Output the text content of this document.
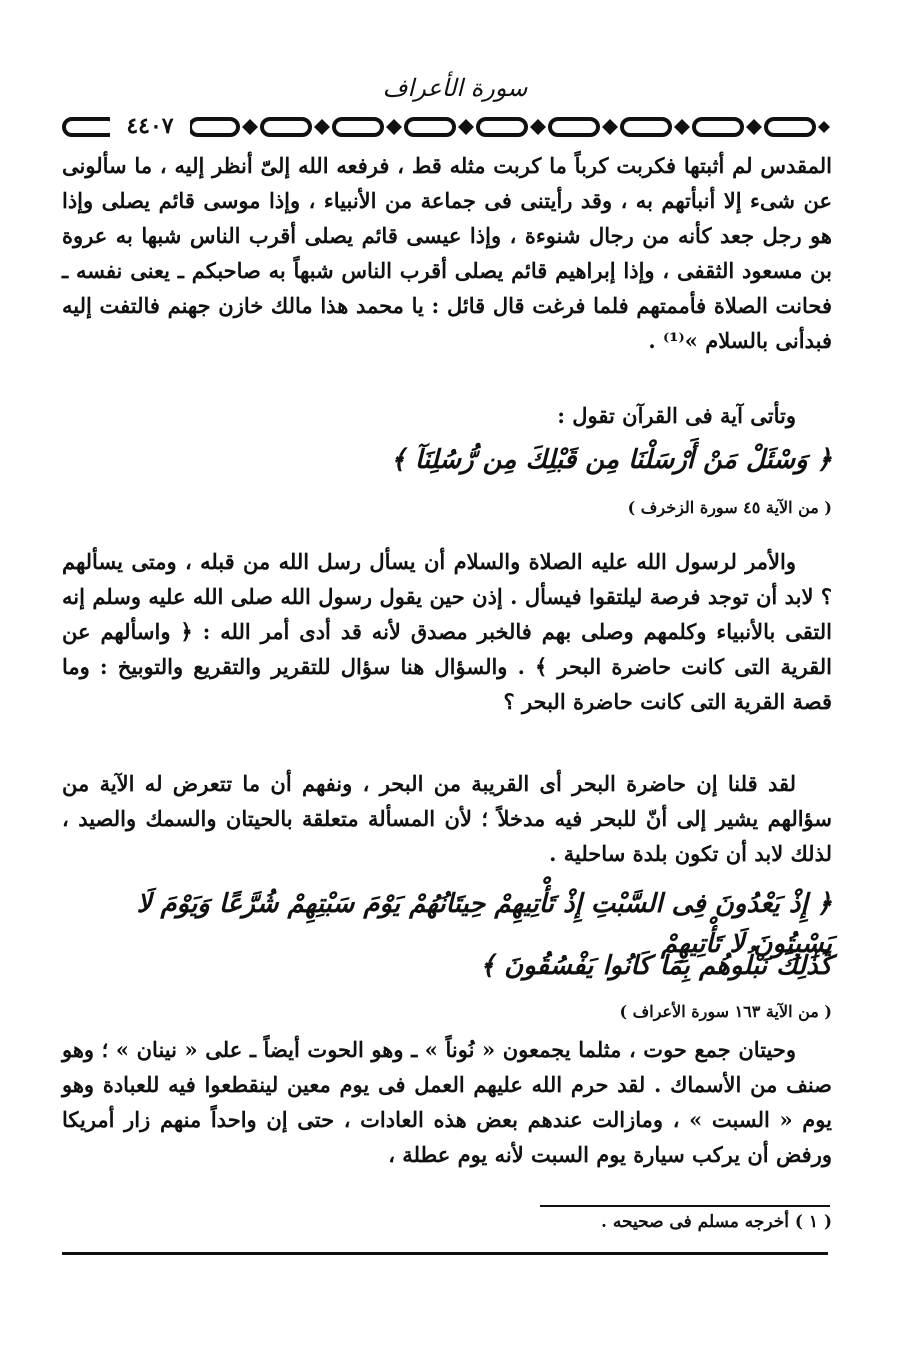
سورة الأعراف
٤٤٠٧
المقدس لم أثبتها فكربت كرباً ما كربت مثله قط ، فرفعه الله إلىّ أنظر إليه ، ما سألونى عن شىء إلا أنبأتهم به ، وقد رأيتنى فى جماعة من الأنبياء ، وإذا موسى قائم يصلى وإذا هو رجل جعد كأنه من رجال شنوءة ، وإذا عيسى قائم يصلى أقرب الناس شبها به عروة بن مسعود الثقفى ، وإذا إبراهيم قائم يصلى أقرب الناس شبهاً به صاحبكم ـ يعنى نفسه ـ فحانت الصلاة فأممتهم فلما فرغت قال قائل : يا محمد هذا مالك خازن جهنم فالتفت إليه فبدأنى بالسلام »⁽¹⁾ .
وتأتى آية فى القرآن تقول :
﴿ وَسْئَلْ مَنْ أَرْسَلْنَا مِن قَبْلِكَ مِن رُّسُلِنَآ ﴾
( من الآية ٤٥ سورة الزخرف )
والأمر لرسول الله عليه الصلاة والسلام أن يسأل رسل الله من قبله ، ومتى يسألهم ؟ لابد أن توجد فرصة ليلتقوا فيسأل . إذن حين يقول رسول الله صلى الله عليه وسلم إنه التقى بالأنبياء وكلمهم وصلى بهم فالخبر مصدق لأنه قد أدى أمر الله : ﴿ واسألهم عن القرية التى كانت حاضرة البحر ﴾ . والسؤال هنا سؤال للتقرير والتقريع والتوبيخ : وما قصة القرية التى كانت حاضرة البحر ؟
لقد قلنا إن حاضرة البحر أى القريبة من البحر ، ونفهم أن ما تتعرض له الآية من سؤالهم يشير إلى أنّ للبحر فيه مدخلاً ؛ لأن المسألة متعلقة بالحيتان والسمك والصيد ، لذلك لابد أن تكون بلدة ساحلية .
﴿ إِذْ يَعْدُونَ فِى السَّبْتِ إِذْ تَأْتِيهِمْ حِيتَانُهُمْ يَوْمَ سَبْتِهِمْ شُرَّعًا وَيَوْمَ لَا يَسْبِتُونَ لَا تَأْتِيهِمْ
كَذَٰلِكَ نَبْلُوهُم بِمَا كَانُوا يَفْسُقُونَ ﴾
( من الآية ١٦٣ سورة الأعراف )
وحيتان جمع حوت ، مثلما يجمعون « نُوناً » ـ وهو الحوت أيضاً ـ على « نينان » ؛ وهو صنف من الأسماك . لقد حرم الله عليهم العمل فى يوم معين لينقطعوا فيه للعبادة وهو يوم « السبت » ، ومازالت عندهم بعض هذه العادات ، حتى إن واحداً منهم زار أمريكا ورفض أن يركب سيارة يوم السبت لأنه يوم عطلة ،
( ١ ) أخرجه مسلم فى صحيحه .
